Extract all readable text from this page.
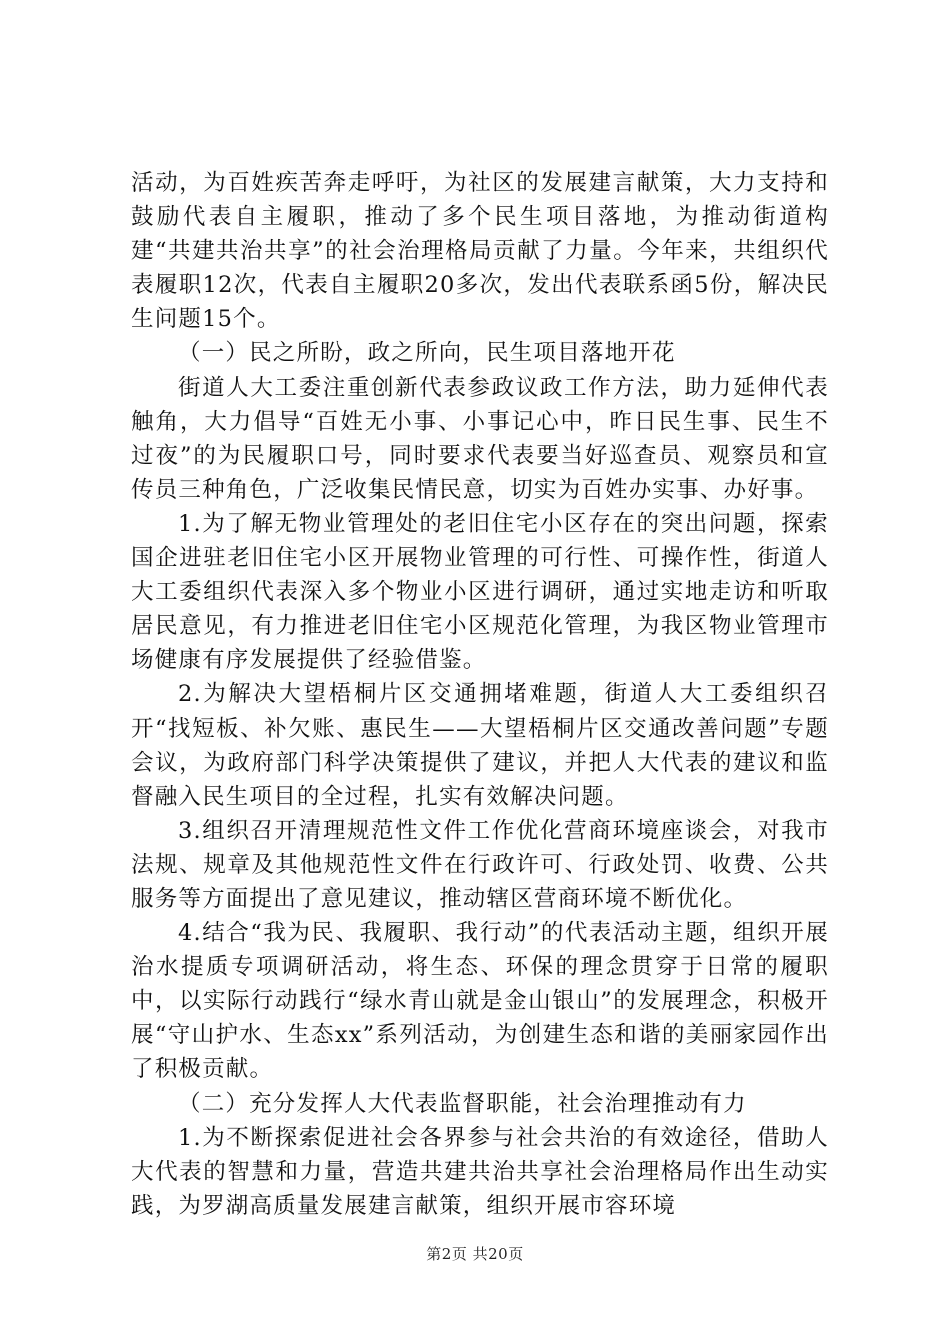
活动，为百姓疾苦奔走呼吁，为社区的发展建言献策，大力支持和鼓励代表自主履职，推动了多个民生项目落地，为推动街道构建“共建共治共享”的社会治理格局贡献了力量。今年来，共组织代表履职12次，代表自主履职20多次，发出代表联系函5份，解决民生问题15个。

（一）民之所盼，政之所向，民生项目落地开花

街道人大工委注重创新代表参政议政工作方法，助力延伸代表触角，大力倡导“百姓无小事、小事记心中，昨日民生事、民生不过夜”的为民履职口号，同时要求代表要当好巡查员、观察员和宣传员三种角色，广泛收集民情民意，切实为百姓办实事、办好事。

1.为了解无物业管理处的老旧住宅小区存在的突出问题，探索国企进驻老旧住宅小区开展物业管理的可行性、可操作性，街道人大工委组织代表深入多个物业小区进行调研，通过实地走访和听取居民意见，有力推进老旧住宅小区规范化管理，为我区物业管理市场健康有序发展提供了经验借鉴。

2.为解决大望梧桐片区交通拥堵难题，街道人大工委组织召开“找短板、补欠账、惠民生——大望梧桐片区交通改善问题”专题会议，为政府部门科学决策提供了建议，并把人大代表的建议和监督融入民生项目的全过程，扎实有效解决问题。

3.组织召开清理规范性文件工作优化营商环境座谈会，对我市法规、规章及其他规范性文件在行政许可、行政处罚、收费、公共服务等方面提出了意见建议，推动辖区营商环境不断优化。

4.结合“我为民、我履职、我行动”的代表活动主题，组织开展治水提质专项调研活动，将生态、环保的理念贯穿于日常的履职中，以实际行动践行“绿水青山就是金山银山”的发展理念，积极开展“守山护水、生态xx”系列活动，为创建生态和谐的美丽家园作出了积极贡献。

（二）充分发挥人大代表监督职能，社会治理推动有力

1.为不断探索促进社会各界参与社会共治的有效途径，借助人大代表的智慧和力量，营造共建共治共享社会治理格局作出生动实践，为罗湖高质量发展建言献策，组织开展市容环境

第2页 共20页
